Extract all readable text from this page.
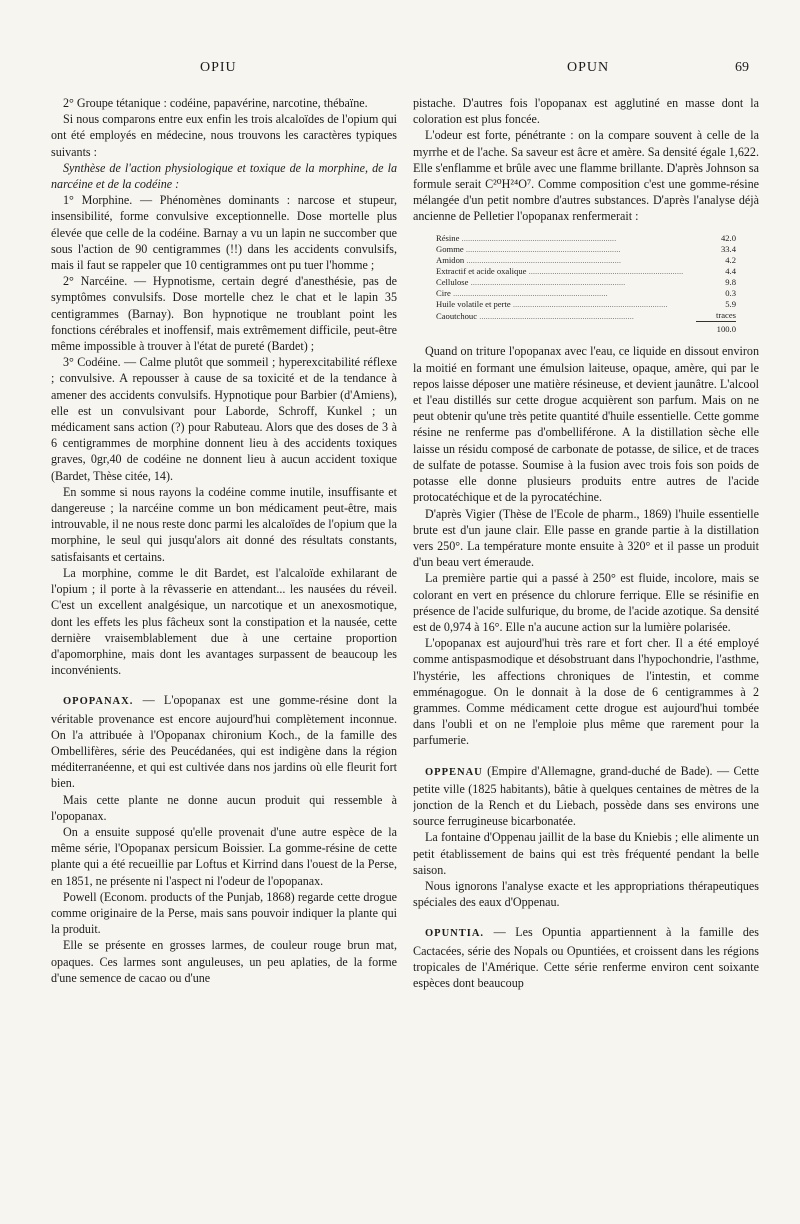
OPIU	OPUN	69

2° Groupe tétanique : codéine, papavérine, narcotine, thébaïne.

Si nous comparons entre eux enfin les trois alcaloïdes de l'opium qui ont été employés en médecine, nous trouvons les caractères typiques suivants :

Synthèse de l'action physiologique et toxique de la morphine, de la narcéine et de la codéine :

1° Morphine. — Phénomènes dominants : narcose et stupeur, insensibilité, forme convulsive exceptionnelle. Dose mortelle plus élevée que celle de la codéine. Barnay a vu un lapin ne succomber que sous l'action de 90 centigrammes (!!) dans les accidents convulsifs, mais il faut se rappeler que 10 centigrammes ont pu tuer l'homme ;

2° Narcéine. — Hypnotisme, certain degré d'anesthésie, pas de symptômes convulsifs. Dose mortelle chez le chat et le lapin 35 centigrammes (Barnay). Bon hypnotique ne troublant point les fonctions cérébrales et inoffensif, mais extrêmement difficile, peut-être même impossible à trouver à l'état de pureté (Bardet) ;

3° Codéine. — Calme plutôt que sommeil ; hyperexcitabilité réflexe ; convulsive. A repousser à cause de sa toxicité et de la tendance à amener des accidents convulsifs. Hypnotique pour Barbier (d'Amiens), elle est un convulsivant pour Laborde, Schroff, Kunkel ; un médicament sans action (?) pour Rabuteau. Alors que des doses de 3 à 6 centigrammes de morphine donnent lieu à des accidents toxiques graves, 0gr,40 de codéine ne donnent lieu à aucun accident toxique (Bardet, Thèse citée, 14).

En somme si nous rayons la codéine comme inutile, insuffisante et dangereuse ; la narcéine comme un bon médicament peut-être, mais introuvable, il ne nous reste donc parmi les alcaloïdes de l'opium que la morphine, le seul qui jusqu'alors ait donné des résultats constants, satisfaisants et certains.

La morphine, comme le dit Bardet, est l'alcaloïde exhilarant de l'opium ; il porte à la rêvasserie en attendant... les nausées du réveil. C'est un excellent analgésique, un narcotique et un anexosmotique, dont les effets les plus fâcheux sont la constipation et la nausée, cette dernière vraisemblablement due à une certaine proportion d'apomorphine, mais dont les avantages surpassent de beaucoup les inconvénients.

OPOPANAX. — L'opopanax est une gomme-résine dont la véritable provenance est encore aujourd'hui complètement inconnue. On l'a attribuée à l'Opopanax chironium Koch., de la famille des Ombellifères, série des Peucédanées, qui est indigène dans la région méditerranéenne, et qui est cultivée dans nos jardins où elle fleurit fort bien.

Mais cette plante ne donne aucun produit qui ressemble à l'opopanax.

On a ensuite supposé qu'elle provenait d'une autre espèce de la même série, l'Opopanax persicum Boissier. La gomme-résine de cette plante qui a été recueillie par Loftus et Kirrind dans l'ouest de la Perse, en 1851, ne présente ni l'aspect ni l'odeur de l'opopanax.

Powell (Econom. products of the Punjab, 1868) regarde cette drogue comme originaire de la Perse, mais sans pouvoir indiquer la plante qui la produit.

Elle se présente en grosses larmes, de couleur rouge brun mat, opaques. Ces larmes sont anguleuses, un peu aplaties, de la forme d'une semence de cacao ou d'une

pistache. D'autres fois l'opopanax est agglutiné en masse dont la coloration est plus foncée.

L'odeur est forte, pénétrante : on la compare souvent à celle de la myrrhe et de l'ache. Sa saveur est âcre et amère. Sa densité égale 1,622. Elle s'enflamme et brûle avec une flamme brillante. D'après Johnson sa formule serait C²⁰H²⁴O⁷. Comme composition c'est une gomme-résine mélangée d'un petit nombre d'autres substances. D'après l'analyse déjà ancienne de Pelletier l'opopanax renfermerait :

Résine .....	42.0
Gomme .....	33.4
Amidon .....	4.2
Extractif et acide oxalique .....	4.4
Cellulose .....	9.8
Cire .....	0.3
Huile volatile et perte .....	5.9
Caoutchouc .....	traces
	100.0

Quand on triture l'opopanax avec l'eau, ce liquide en dissout environ la moitié en formant une émulsion laiteuse, opaque, amère, qui par le repos laisse déposer une matière résineuse, et devient jaunâtre. L'alcool et l'eau distillés sur cette drogue acquièrent son parfum. Mais on ne peut obtenir qu'une très petite quantité d'huile essentielle. Cette gomme résine ne renferme pas d'ombelliférone. A la distillation sèche elle laisse un résidu composé de carbonate de potasse, de silice, et de traces de sulfate de potasse. Soumise à la fusion avec trois fois son poids de potasse elle donne plusieurs produits entre autres de l'acide protocatéchique et de la pyrocatéchine.

D'après Vigier (Thèse de l'Ecole de pharm., 1869) l'huile essentielle brute est d'un jaune clair. Elle passe en grande partie à la distillation vers 250°. La température monte ensuite à 320° et il passe un produit d'un beau vert émeraude.

La première partie qui a passé à 250° est fluide, incolore, mais se colorant en vert en présence du chlorure ferrique. Elle se résinifie en présence de l'acide sulfurique, du brome, de l'acide azotique. Sa densité est de 0,974 à 16°. Elle n'a aucune action sur la lumière polarisée.

L'opopanax est aujourd'hui très rare et fort cher. Il a été employé comme antispasmodique et désobstruant dans l'hypochondrie, l'asthme, l'hystérie, les affections chroniques de l'intestin, et comme emménagogue. On le donnait à la dose de 6 centigrammes à 2 grammes. Comme médicament cette drogue est aujourd'hui tombée dans l'oubli et on ne l'emploie plus même que rarement pour la parfumerie.

OPPENAU (Empire d'Allemagne, grand-duché de Bade). — Cette petite ville (1825 habitants), bâtie à quelques centaines de mètres de la jonction de la Rench et du Liebach, possède dans ses environs une source ferrugineuse bicarbonatée.

La fontaine d'Oppenau jaillit de la base du Kniebis ; elle alimente un petit établissement de bains qui est très fréquenté pendant la belle saison.

Nous ignorons l'analyse exacte et les appropriations thérapeutiques spéciales des eaux d'Oppenau.

OPUNTIA. — Les Opuntia appartiennent à la famille des Cactacées, série des Nopals ou Opuntiées, et croissent dans les régions tropicales de l'Amérique. Cette série renferme environ cent soixante espèces dont beaucoup
